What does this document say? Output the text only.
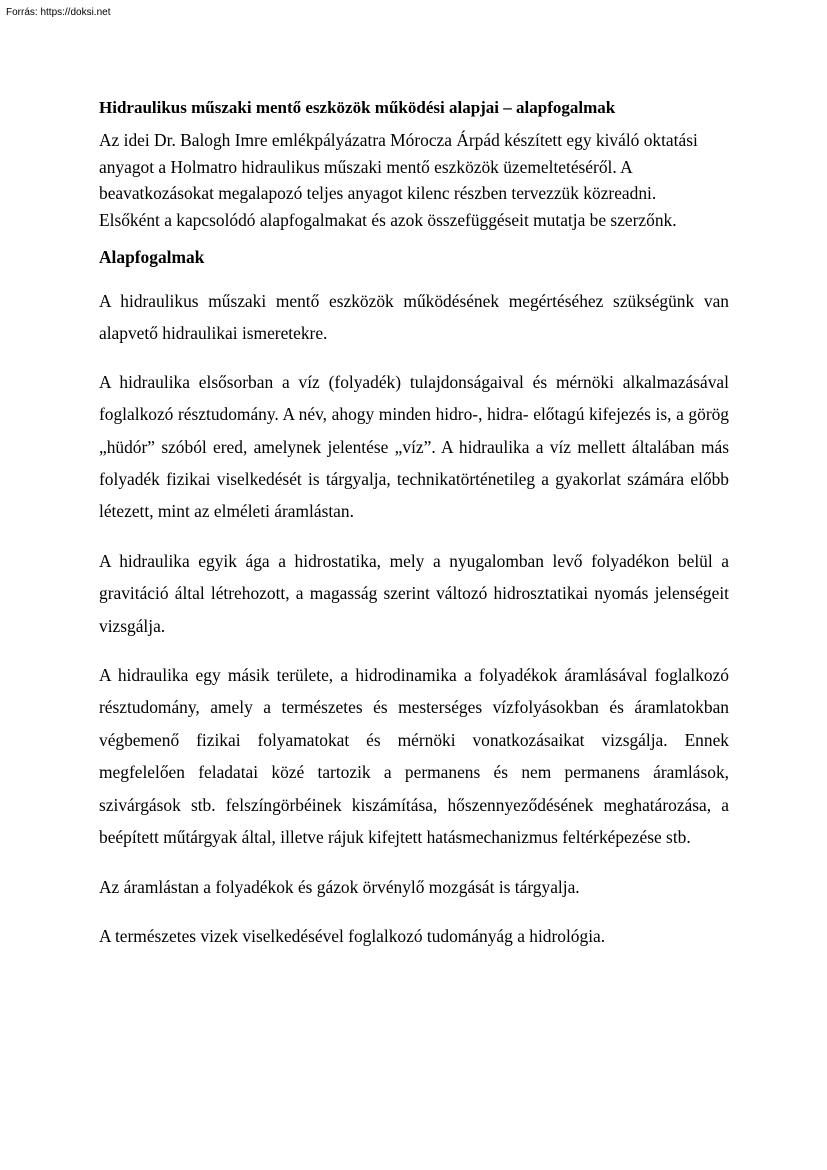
Forrás: https://doksi.net

Hidraulikus műszaki mentő eszközök működési alapjai – alapfogalmak

Az idei Dr. Balogh Imre emlékpályázatra Mórocza Árpád készített egy kiváló oktatási anyagot a Holmatro hidraulikus műszaki mentő eszközök üzemeltetéséről. A beavatkozásokat megalapozó teljes anyagot kilenc részben tervezzük közreadni. Elsőként a kapcsolódó alapfogalmakat és azok összefüggéseit mutatja be szerzőnk.

Alapfogalmak

A hidraulikus műszaki mentő eszközök működésének megértéséhez szükségünk van alapvető hidraulikai ismeretekre.

A hidraulika elsősorban a víz (folyadék) tulajdonságaival és mérnöki alkalmazásával foglalkozó résztudomány. A név, ahogy minden hidro-, hidra- előtagú kifejezés is, a görög „hüdór” szóból ered, amelynek jelentése „víz”. A hidraulika a víz mellett általában más folyadék fizikai viselkedését is tárgyalja, technikatörténetileg a gyakorlat számára előbb létezett, mint az elméleti áramlástan.

A hidraulika egyik ága a hidrostatika, mely a nyugalomban levő folyadékon belül a gravitáció által létrehozott, a magasság szerint változó hidrosztatikai nyomás jelenségeit vizsgálja.

A hidraulika egy másik területe, a hidrodinamika a folyadékok áramlásával foglalkozó résztudomány, amely a természetes és mesterséges vízfolyásokban és áramlatokban végbemenő fizikai folyamatokat és mérnöki vonatkozásaikat vizsgálja. Ennek megfelelően feladatai közé tartozik a permanens és nem permanens áramlások, szivárgások stb. felszíngörbéinek kiszámítása, hőszennyeződésének meghatározása, a beépített műtárgyak által, illetve rájuk kifejtett hatásmechanizmus feltérképezése stb.

Az áramlástan a folyadékok és gázok örvénylő mozgását is tárgyalja.

A természetes vizek viselkedésével foglalkozó tudományág a hidrológia.
